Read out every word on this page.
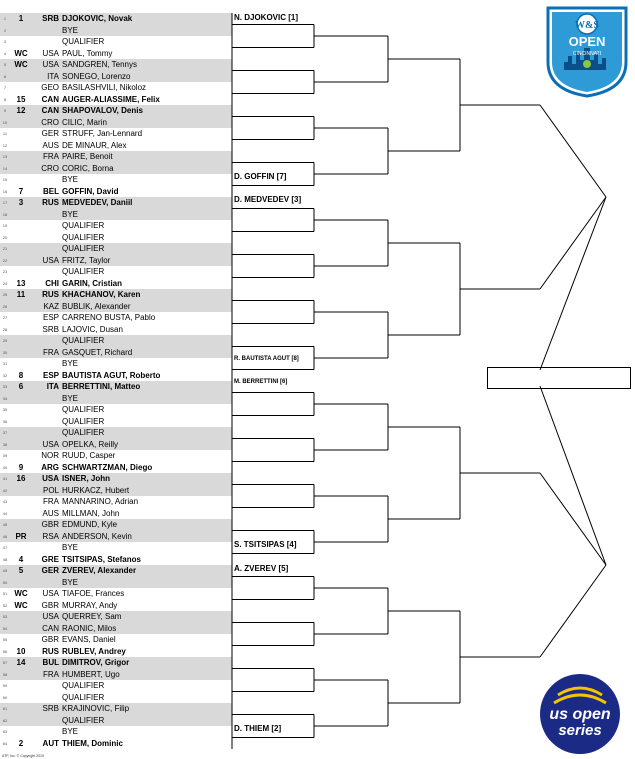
1	1	SRB DJOKOVIC, Novak
2	BYE
3	QUALIFIER
4	WC	USA PAUL, Tommy
5	WC	USA SANDGREN, Tennys
6	ITA SONEGO, Lorenzo
7	GEO BASILASHVILI, Nikoloz
8	15	CAN AUGER-ALIASSIME, Felix
9	12	CAN SHAPOVALOV, Denis
10	CRO CILIC, Marin
11	GER STRUFF, Jan-Lennard
12	AUS DE MINAUR, Alex
13	FRA PAIRE, Benoit
14	CRO CORIC, Borna
15	BYE
16	7	BEL GOFFIN, David
17	3	RUS MEDVEDEV, Daniil
18	BYE
19	QUALIFIER
20	QUALIFIER
21	QUALIFIER
22	USA FRITZ, Taylor
23	QUALIFIER
24	13	CHI GARIN, Cristian
25	11	RUS KHACHANOV, Karen
26	KAZ BUBLIK, Alexander
27	ESP CARRENO BUSTA, Pablo
28	SRB LAJOVIC, Dusan
29	QUALIFIER
30	FRA GASQUET, Richard
31	BYE
32	8	ESP BAUTISTA AGUT, Roberto
33	6	ITA BERRETTINI, Matteo
34	BYE
35	QUALIFIER
36	QUALIFIER
37	QUALIFIER
38	USA OPELKA, Reilly
39	NOR RUUD, Casper
40	9	ARG SCHWARTZMAN, Diego
41	16	USA ISNER, John
42	POL HURKACZ, Hubert
43	FRA MANNARINO, Adrian
44	AUS MILLMAN, John
45	GBR EDMUND, Kyle
46	PR	RSA ANDERSON, Kevin
47	BYE
48	4	GRE TSITSIPAS, Stefanos
49	5	GER ZVEREV, Alexander
50	BYE
51 WC	USA TIAFOE, Frances
52 WC	GBR MURRAY, Andy
53	USA QUERREY, Sam
54	CAN RAONIC, Milos
55	GBR EVANS, Daniel
56	10	RUS RUBLEV, Andrey
57	14	BUL DIMITROV, Grigor
58	FRA HUMBERT, Ugo
59	QUALIFIER
60	QUALIFIER
61	SRB KRAJINOVIC, Filip
62	QUALIFIER
63	BYE
64	2	AUT THIEM, Dominic
N. DJOKOVIC [1]
D. GOFFIN [7]
D. MEDVEDEV [3]
R. BAUTISTA AGUT [8]
M. BERRETTINI [6]
S. TSITSIPAS [4]
A. ZVEREV [5]
D. THIEM [2]
ATP, Inc. © Copyright 2019
W&S
OPEN
CINCINNATI
us open
series
